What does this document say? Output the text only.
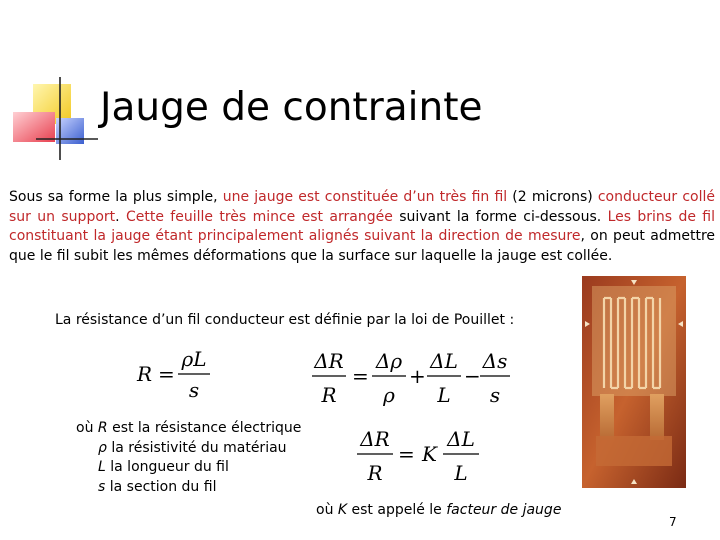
Jauge de contrainte
Sous sa forme la plus simple, une jauge est constituée d’un très fin fil (2 microns) conducteur collé sur un support. Cette feuille très mince est arrangée suivant la forme ci-dessous. Les brins de fil constituant la jauge étant principalement alignés suivant la direction de mesure, on peut admettre que le fil subit les mêmes déformations que la surface sur laquelle la jauge est collée.
La résistance d’un fil conducteur est définie par la loi de Pouillet :
R =
ρL
s
ΔR
R
=
Δρ
ρ
+
ΔL
L
−
Δs
s
ΔR
R
= K
ΔL
L
où R est la résistance électrique
ρ la résistivité du matériau
L la longueur du fil
s la section du fil
où K est appelé le facteur de jauge
7
